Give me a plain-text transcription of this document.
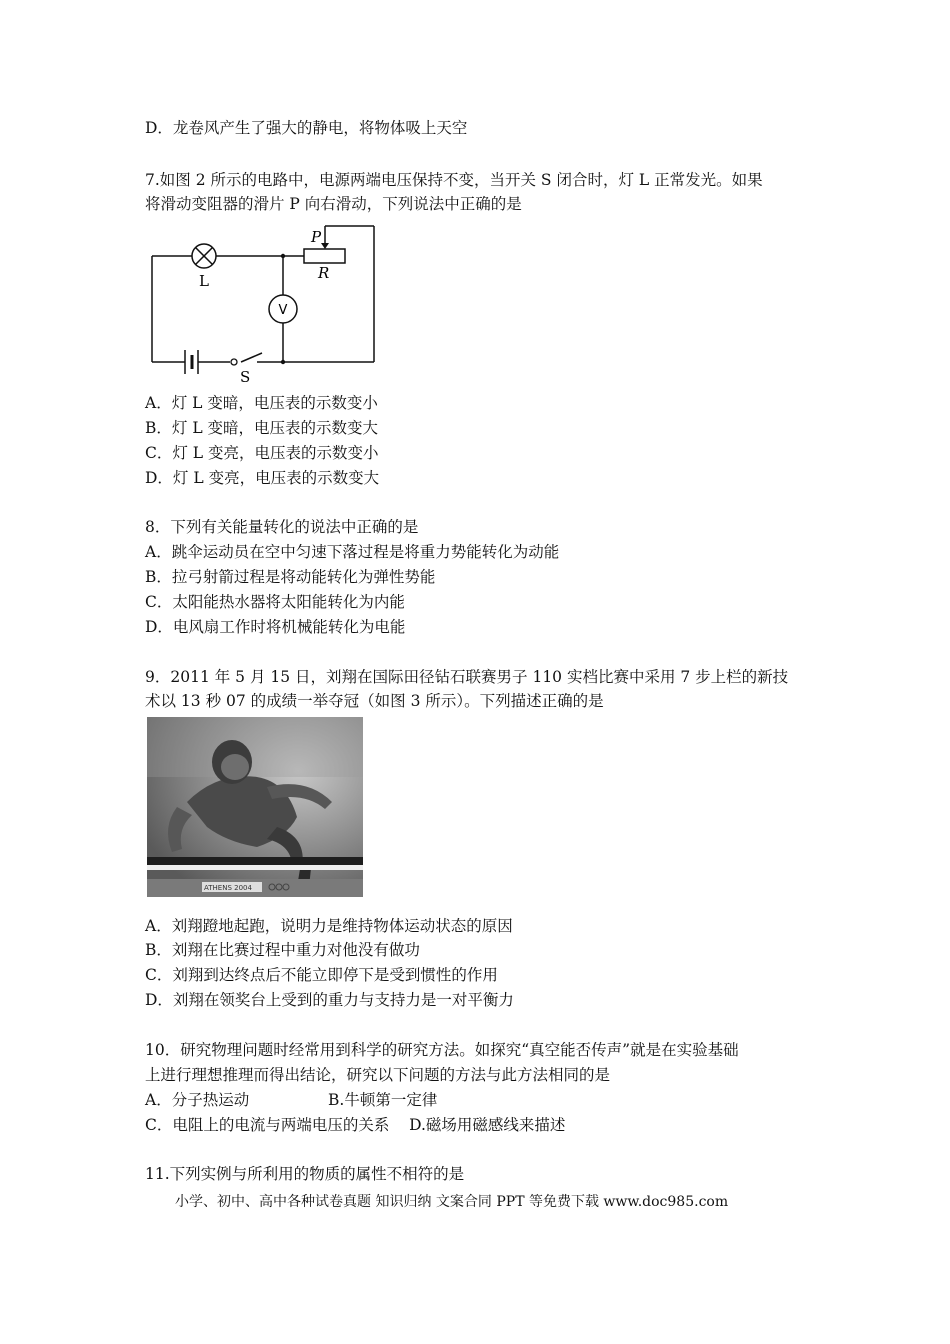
D．龙卷风产生了强大的静电，将物体吸上天空
7.如图 2 所示的电路中，电源两端电压保持不变，当开关 S 闭合时，灯 L 正常发光。如果
将滑动变阻器的滑片 P 向右滑动，下列说法中正确的是
L
P
R
V
S
A．灯 L 变暗，电压表的示数变小
B．灯 L 变暗，电压表的示数变大
C．灯 L 变亮，电压表的示数变小
D．灯 L 变亮，电压表的示数变大
8．下列有关能量转化的说法中正确的是
A．跳伞运动员在空中匀速下落过程是将重力势能转化为动能
B．拉弓射箭过程是将动能转化为弹性势能
C．太阳能热水器将太阳能转化为内能
D．电风扇工作时将机械能转化为电能
9．2011 年 5 月 15 日，刘翔在国际田径钻石联赛男子 110 实档比赛中采用 7 步上栏的新技
术以 13 秒 07 的成绩一举夺冠（如图 3 所示）。下列描述正确的是
ATHENS 2004
A．刘翔蹬地起跑，说明力是维持物体运动状态的原因
B．刘翔在比赛过程中重力对他没有做功
C．刘翔到达终点后不能立即停下是受到惯性的作用
D．刘翔在领奖台上受到的重力与支持力是一对平衡力
10．研究物理问题时经常用到科学的研究方法。如探究“真空能否传声”就是在实验基础
上进行理想推理而得出结论，研究以下问题的方法与此方法相同的是
A．分子热运动                B.牛顿第一定律
C．电阻上的电流与两端电压的关系    D.磁场用磁感线来描述
11.下列实例与所利用的物质的属性不相符的是
小学、初中、高中各种试卷真题 知识归纳 文案合同 PPT 等免费下载 www.doc985.com
